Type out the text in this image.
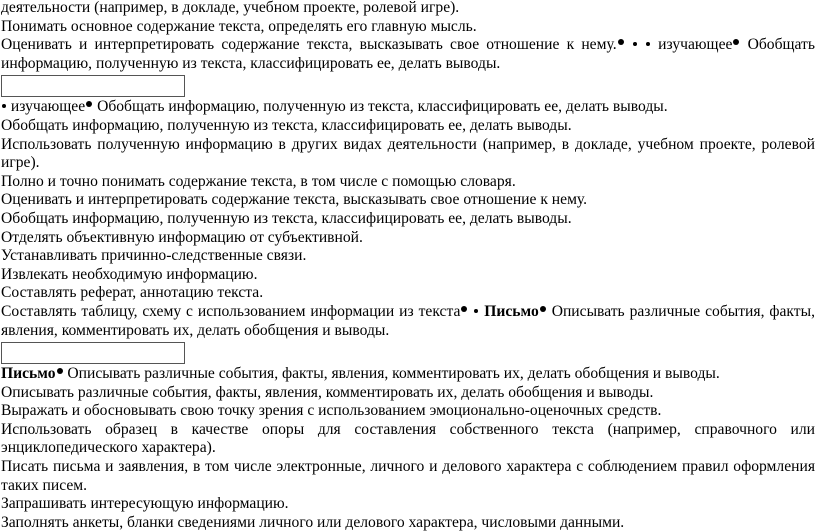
деятельности (например, в докладе, учебном проекте, ролевой игре).

Понимать основное содержание текста, определять его главную мысль.

Оценивать и интерпретировать содержание текста, высказывать свое отношение к нему.	изучающее Обобщать информацию, полученную из текста, классифицировать ее, делать выводы.

изучающее Обобщать информацию, полученную из текста, классифицировать ее, делать выводы.

Обобщать информацию, полученную из текста, классифицировать ее, делать выводы.

Использовать полученную информацию в других видах деятельности (например, в докладе, учебном проекте, ролевой игре).

Полно и точно понимать содержание текста, в том числе с помощью словаря.

Оценивать и интерпретировать содержание текста, высказывать свое отношение к нему.

Обобщать информацию, полученную из текста, классифицировать ее, делать выводы.

Отделять объективную информацию от субъективной.

Устанавливать причинно-следственные связи.

Извлекать необходимую информацию.

Составлять реферат, аннотацию текста.

Составлять таблицу, схему с использованием информации из текста Письмо Описывать различные события, факты, явления, комментировать их, делать обобщения и выводы.

Письмо Описывать различные события, факты, явления, комментировать их, делать обобщения и выводы.

Описывать различные события, факты, явления, комментировать их, делать обобщения и выводы.

Выражать и обосновывать свою точку зрения с использованием эмоционально-оценочных средств.

Использовать образец в качестве опоры для составления собственного текста (например, справочного или энциклопедического характера).

Писать письма и заявления, в том числе электронные, личного и делового характера с соблюдением правил оформления таких писем.

Запрашивать интересующую информацию.

Заполнять анкеты, бланки сведениями личного или делового характера, числовыми данными.
